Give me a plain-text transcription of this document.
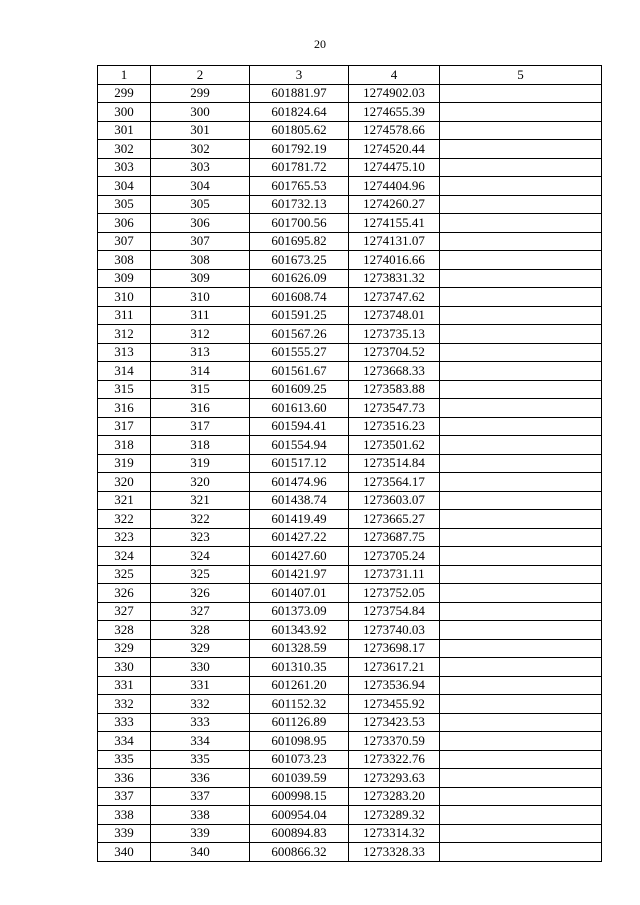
20
1	2	3	4	5
299	299	601881.97	1274902.03	
300	300	601824.64	1274655.39	
301	301	601805.62	1274578.66	
302	302	601792.19	1274520.44	
303	303	601781.72	1274475.10	
304	304	601765.53	1274404.96	
305	305	601732.13	1274260.27	
306	306	601700.56	1274155.41	
307	307	601695.82	1274131.07	
308	308	601673.25	1274016.66	
309	309	601626.09	1273831.32	
310	310	601608.74	1273747.62	
311	311	601591.25	1273748.01	
312	312	601567.26	1273735.13	
313	313	601555.27	1273704.52	
314	314	601561.67	1273668.33	
315	315	601609.25	1273583.88	
316	316	601613.60	1273547.73	
317	317	601594.41	1273516.23	
318	318	601554.94	1273501.62	
319	319	601517.12	1273514.84	
320	320	601474.96	1273564.17	
321	321	601438.74	1273603.07	
322	322	601419.49	1273665.27	
323	323	601427.22	1273687.75	
324	324	601427.60	1273705.24	
325	325	601421.97	1273731.11	
326	326	601407.01	1273752.05	
327	327	601373.09	1273754.84	
328	328	601343.92	1273740.03	
329	329	601328.59	1273698.17	
330	330	601310.35	1273617.21	
331	331	601261.20	1273536.94	
332	332	601152.32	1273455.92	
333	333	601126.89	1273423.53	
334	334	601098.95	1273370.59	
335	335	601073.23	1273322.76	
336	336	601039.59	1273293.63	
337	337	600998.15	1273283.20	
338	338	600954.04	1273289.32	
339	339	600894.83	1273314.32	
340	340	600866.32	1273328.33	
